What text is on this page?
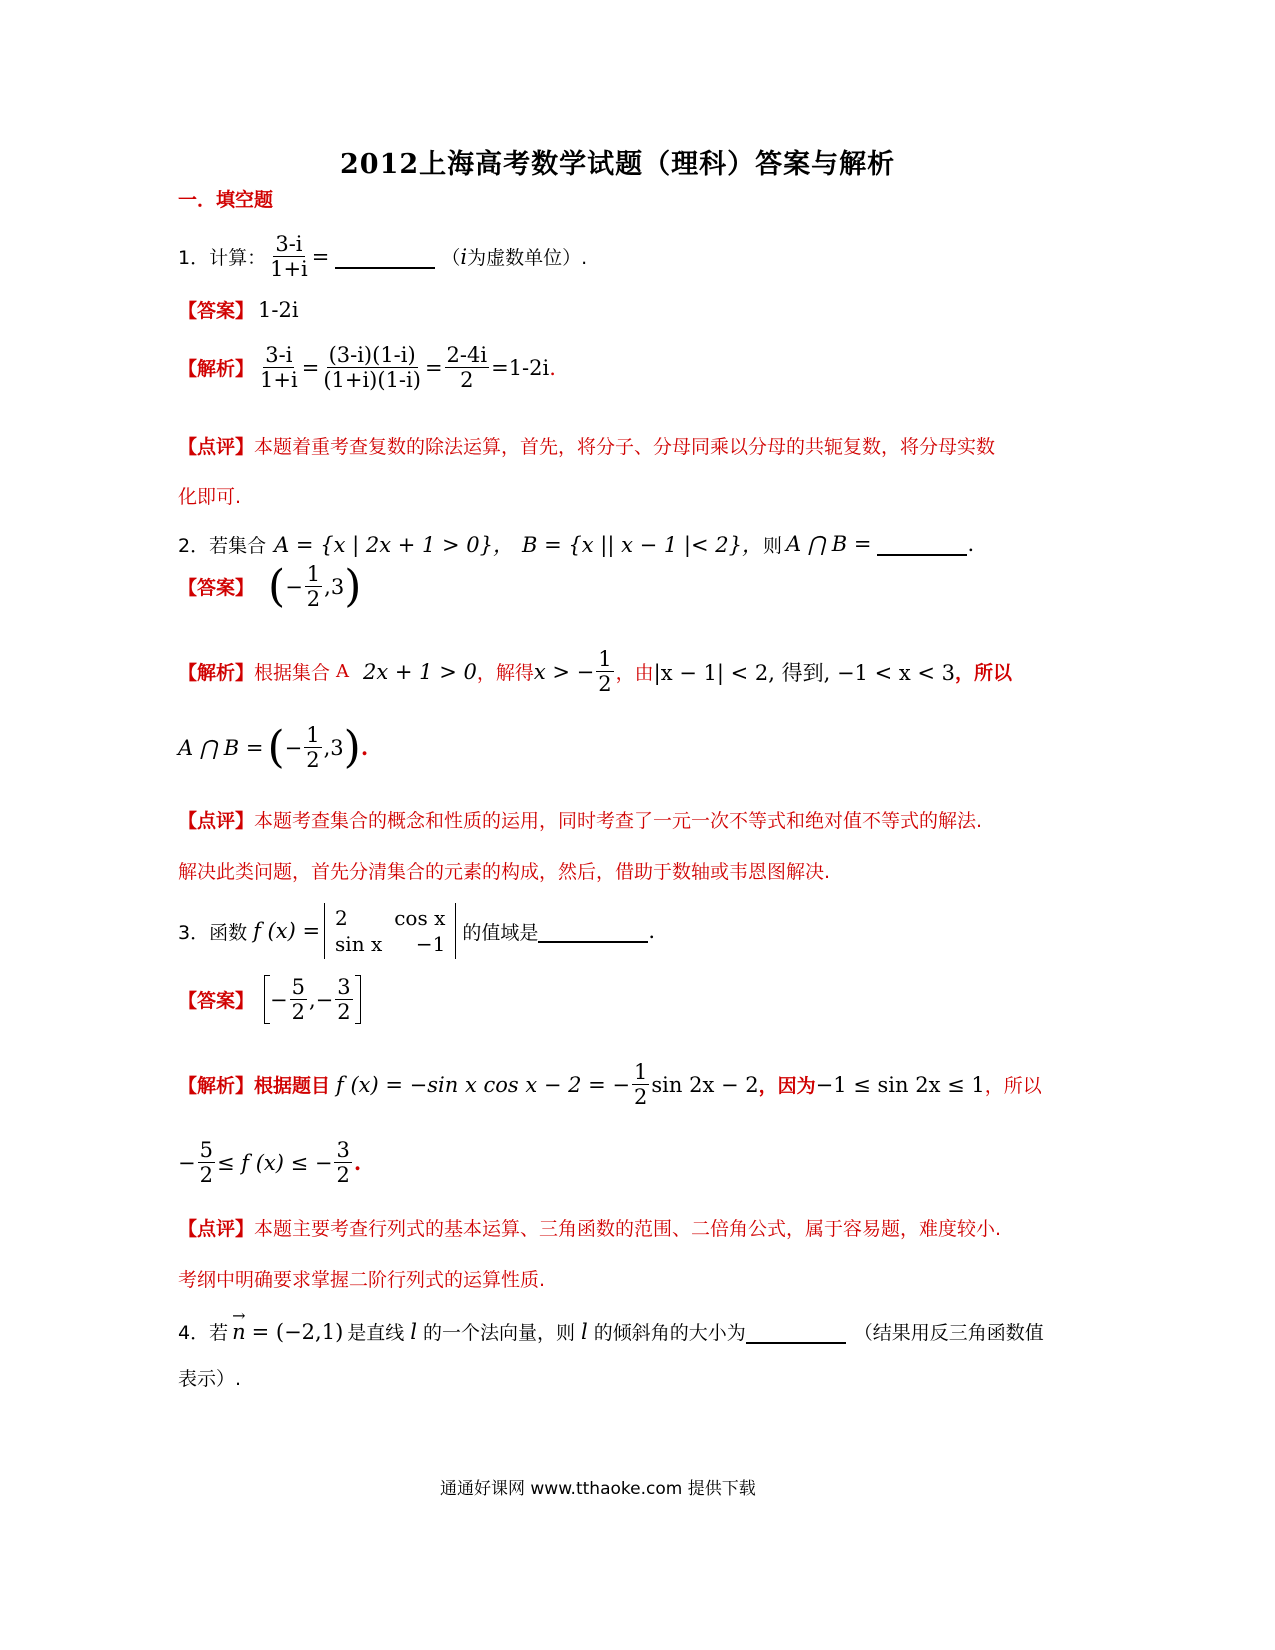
2012上海高考数学试题（理科）答案与解析
一．填空题
1．计算： $\frac{3-i}{1+i}$ =	（ i 为虚数单位）.
【答案】 1-2i
【解析】 $\frac{3-i}{1+i} = \frac{(3-i)(1-i)}{(1+i)(1-i)} = \frac{2-4i}{2} =1-2i$ .
【点评】本题着重考查复数的除法运算，首先，将分子、分母同乘以分母的共轭复数，将分母实数
化即可.
2．若集合 A = {x | 2x + 1 > 0}， B = {x || x − 1 |< 2}， 则 A ⋂ B =	.
【答案】 ( − $\frac{1}{2} ,3$ )
【解析】 根据集合 A 2x + 1 > 0 ，解得 x > − $\frac{1}{2}$ ，由 |x − 1| < 2, 得到, −1 < x < 3 ，所以
A ⋂ B = ( − $\frac{1}{2} ,3$ ) .
【点评】本题考查集合的概念和性质的运用，同时考查了一元一次不等式和绝对值不等式的解法.
解决此类问题，首先分清集合的元素的构成，然后，借助于数轴或韦恩图解决.
3．函数 f (x) =
2	cos x
sin x	−1 的值域是	.
【答案】 − $\frac{5}{2}$ ,− $\frac{3}{2}$
【解析】 根据题目 f (x) = −sin x cos x − 2 = − $\frac{1}{2}$ sin 2x − 2 ，因为 −1 ≤ sin 2x ≤ 1 ，所以
− $\frac{5}{2} \le f$ (x) ≤ − $\frac{3}{2}$ .
【点评】本题主要考查行列式的基本运算、三角函数的范围、二倍角公式，属于容易题，难度较小.
考纲中明确要求掌握二阶行列式的运算性质.
4．若
→
n = (−2,1) 是直线 l 的一个法向量，则 l 的倾斜角的大小为	（结果用反三角函数值
表示）.
通通好课网 www.tthaoke.com 提供下载
